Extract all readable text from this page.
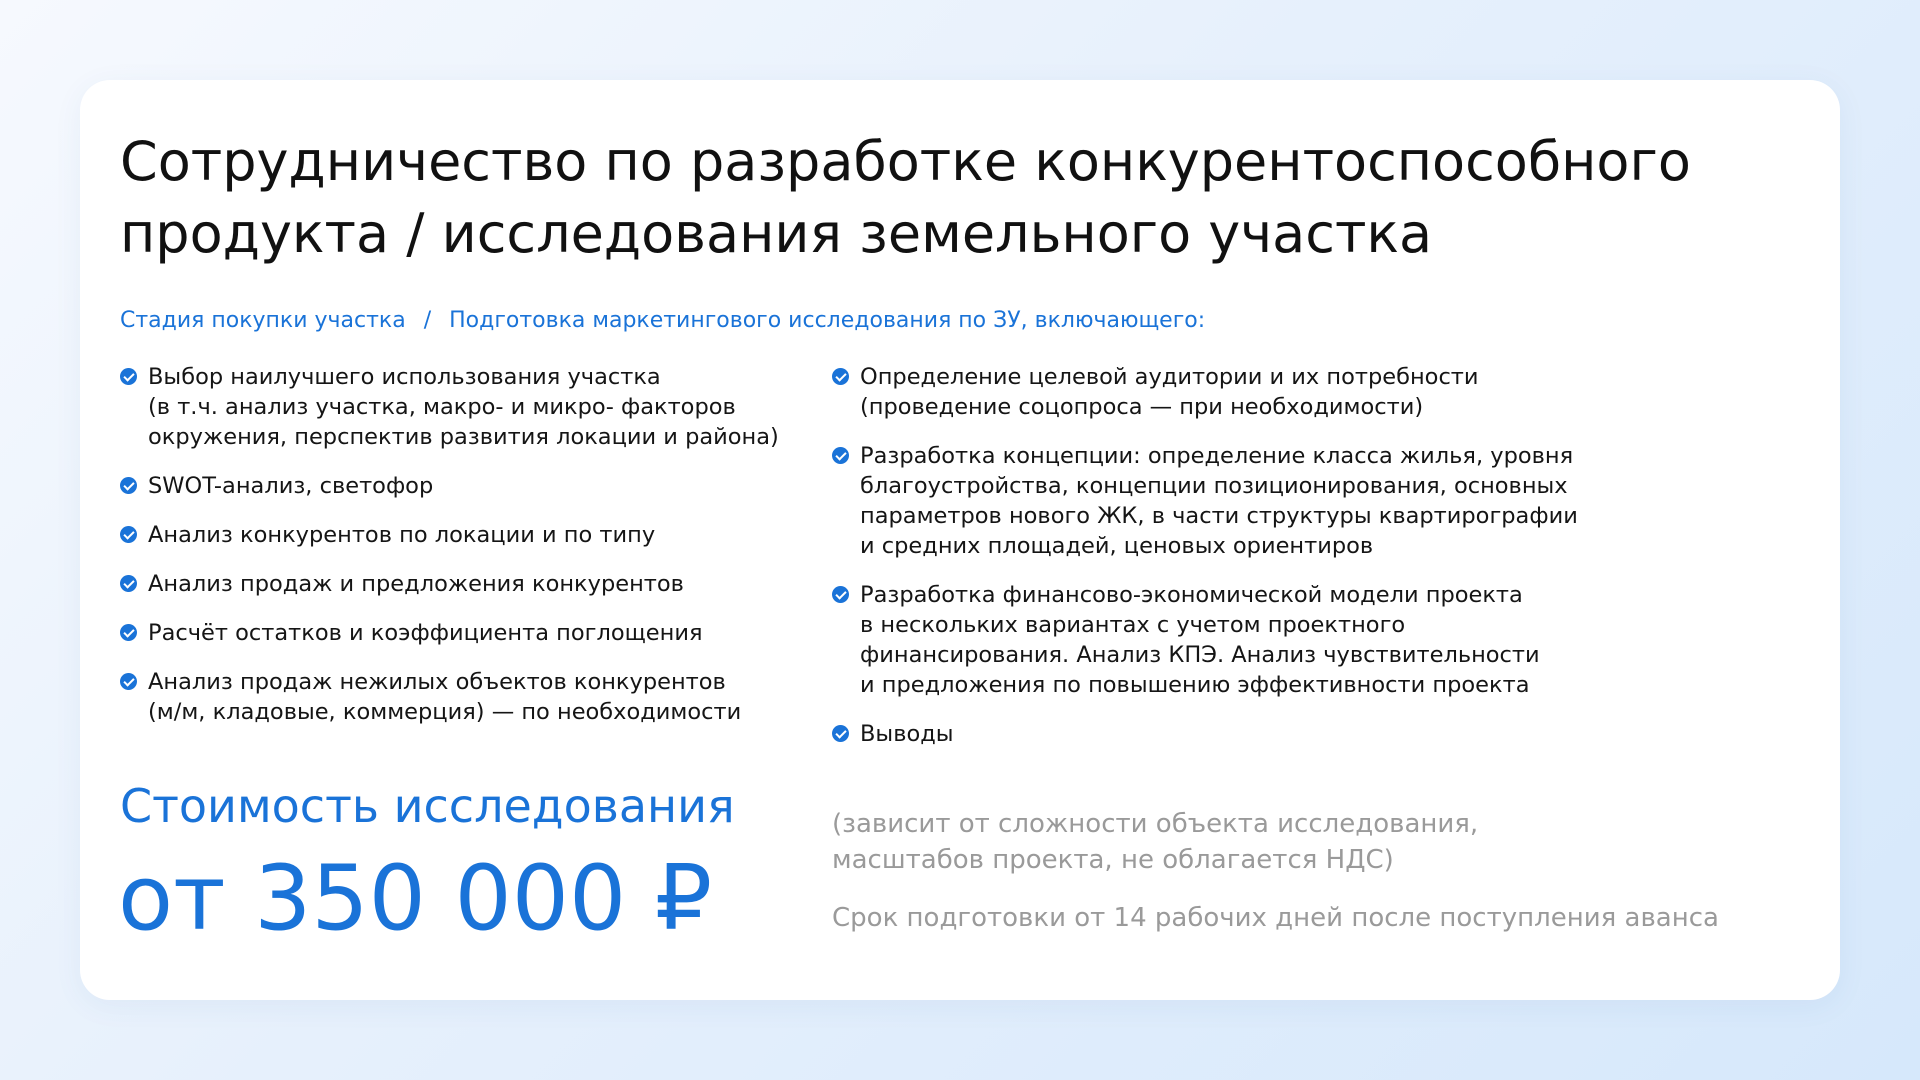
Сотрудничество по разработке конкурентоспособного продукта / исследования земельного участка
Стадия покупки участка / Подготовка маркетингового исследования по ЗУ, включающего:
Выбор наилучшего использования участка
(в т.ч. анализ участка, макро- и микро- факторов
окружения, перспектив развития локации и района)
SWOT-анализ, светофор
Анализ конкурентов по локации и по типу
Анализ продаж и предложения конкурентов
Расчёт остатков и коэффициента поглощения
Анализ продаж нежилых объектов конкурентов
(м/м, кладовые, коммерция) — по необходимости
Определение целевой аудитории и их потребности
(проведение соцопроса — при необходимости)
Разработка концепции: определение класса жилья, уровня
благоустройства, концепции позиционирования, основных
параметров нового ЖК, в части структуры квартирографии
и средних площадей, ценовых ориентиров
Разработка финансово-экономической модели проекта
в нескольких вариантах с учетом проектного
финансирования. Анализ КПЭ. Анализ чувствительности
и предложения по повышению эффективности проекта
Выводы
Стоимость исследования
от 350 000 ₽
(зависит от сложности объекта исследования,
масштабов проекта, не облагается НДС)
Срок подготовки от 14 рабочих дней после поступления аванса
